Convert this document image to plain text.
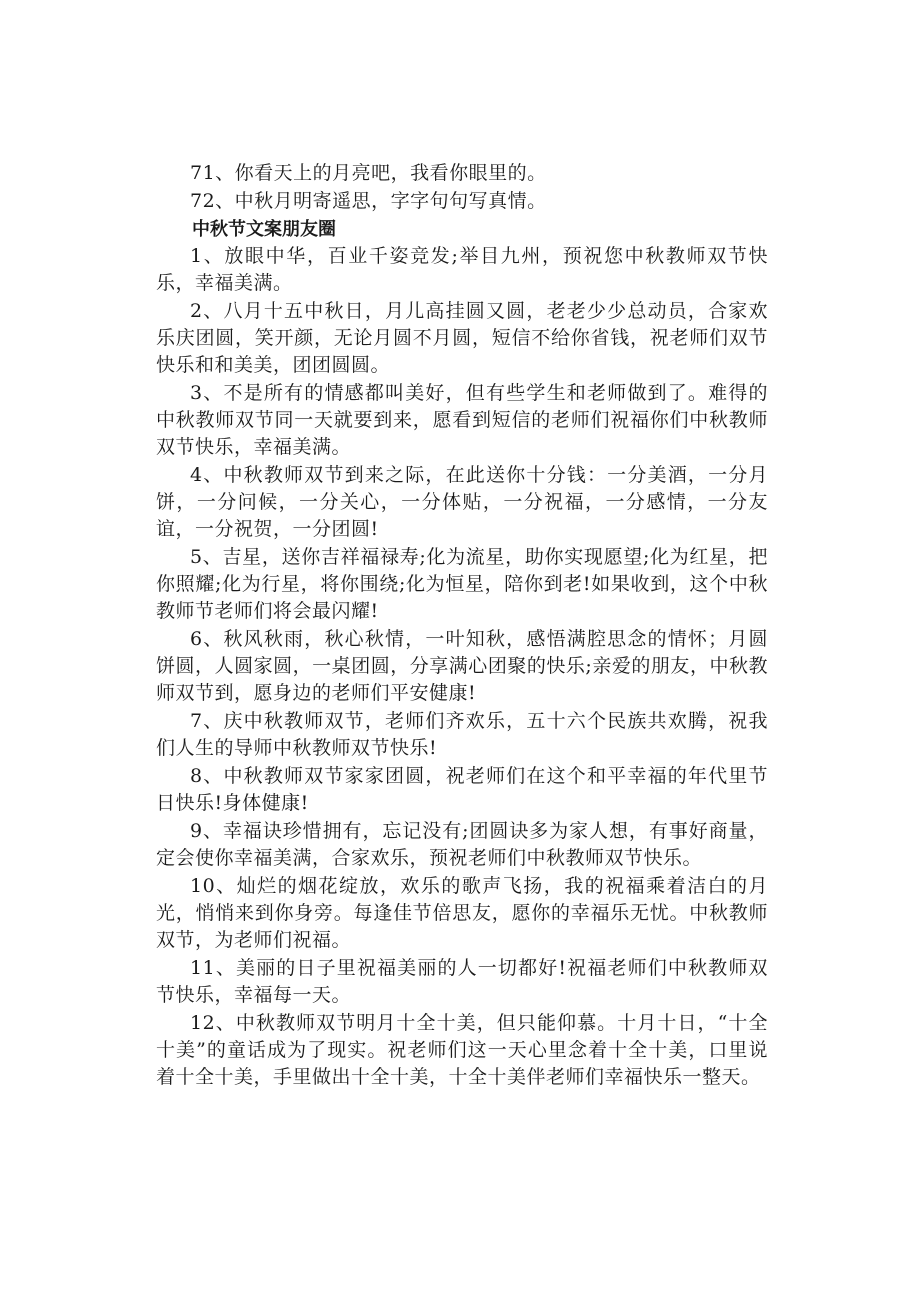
71、你看天上的月亮吧，我看你眼里的。

72、中秋月明寄遥思，字字句句写真情。

中秋节文案朋友圈

1、放眼中华，百业千姿竞发;举目九州，预祝您中秋教师双节快乐，幸福美满。

2、八月十五中秋日，月儿高挂圆又圆，老老少少总动员，合家欢乐庆团圆，笑开颜，无论月圆不月圆，短信不给你省钱，祝老师们双节快乐和和美美，团团圆圆。

3、不是所有的情感都叫美好，但有些学生和老师做到了。难得的中秋教师双节同一天就要到来，愿看到短信的老师们祝福你们中秋教师双节快乐，幸福美满。

4、中秋教师双节到来之际，在此送你十分钱：一分美酒，一分月饼，一分问候，一分关心，一分体贴，一分祝福，一分感情，一分友谊，一分祝贺，一分团圆!

5、吉星，送你吉祥福禄寿;化为流星，助你实现愿望;化为红星，把你照耀;化为行星，将你围绕;化为恒星，陪你到老!如果收到，这个中秋教师节老师们将会最闪耀!

6、秋风秋雨，秋心秋情，一叶知秋，感悟满腔思念的情怀；月圆饼圆，人圆家圆，一桌团圆，分享满心团聚的快乐;亲爱的朋友，中秋教师双节到，愿身边的老师们平安健康!

7、庆中秋教师双节，老师们齐欢乐，五十六个民族共欢腾，祝我们人生的导师中秋教师双节快乐!

8、中秋教师双节家家团圆，祝老师们在这个和平幸福的年代里节日快乐!身体健康!

9、幸福诀珍惜拥有，忘记没有;团圆诀多为家人想，有事好商量，定会使你幸福美满，合家欢乐，预祝老师们中秋教师双节快乐。

10、灿烂的烟花绽放，欢乐的歌声飞扬，我的祝福乘着洁白的月光，悄悄来到你身旁。每逢佳节倍思友，愿你的幸福乐无忧。中秋教师双节，为老师们祝福。

11、美丽的日子里祝福美丽的人一切都好!祝福老师们中秋教师双节快乐，幸福每一天。

12、中秋教师双节明月十全十美，但只能仰慕。十月十日，“十全十美”的童话成为了现实。祝老师们这一天心里念着十全十美，口里说着十全十美，手里做出十全十美，十全十美伴老师们幸福快乐一整天。
